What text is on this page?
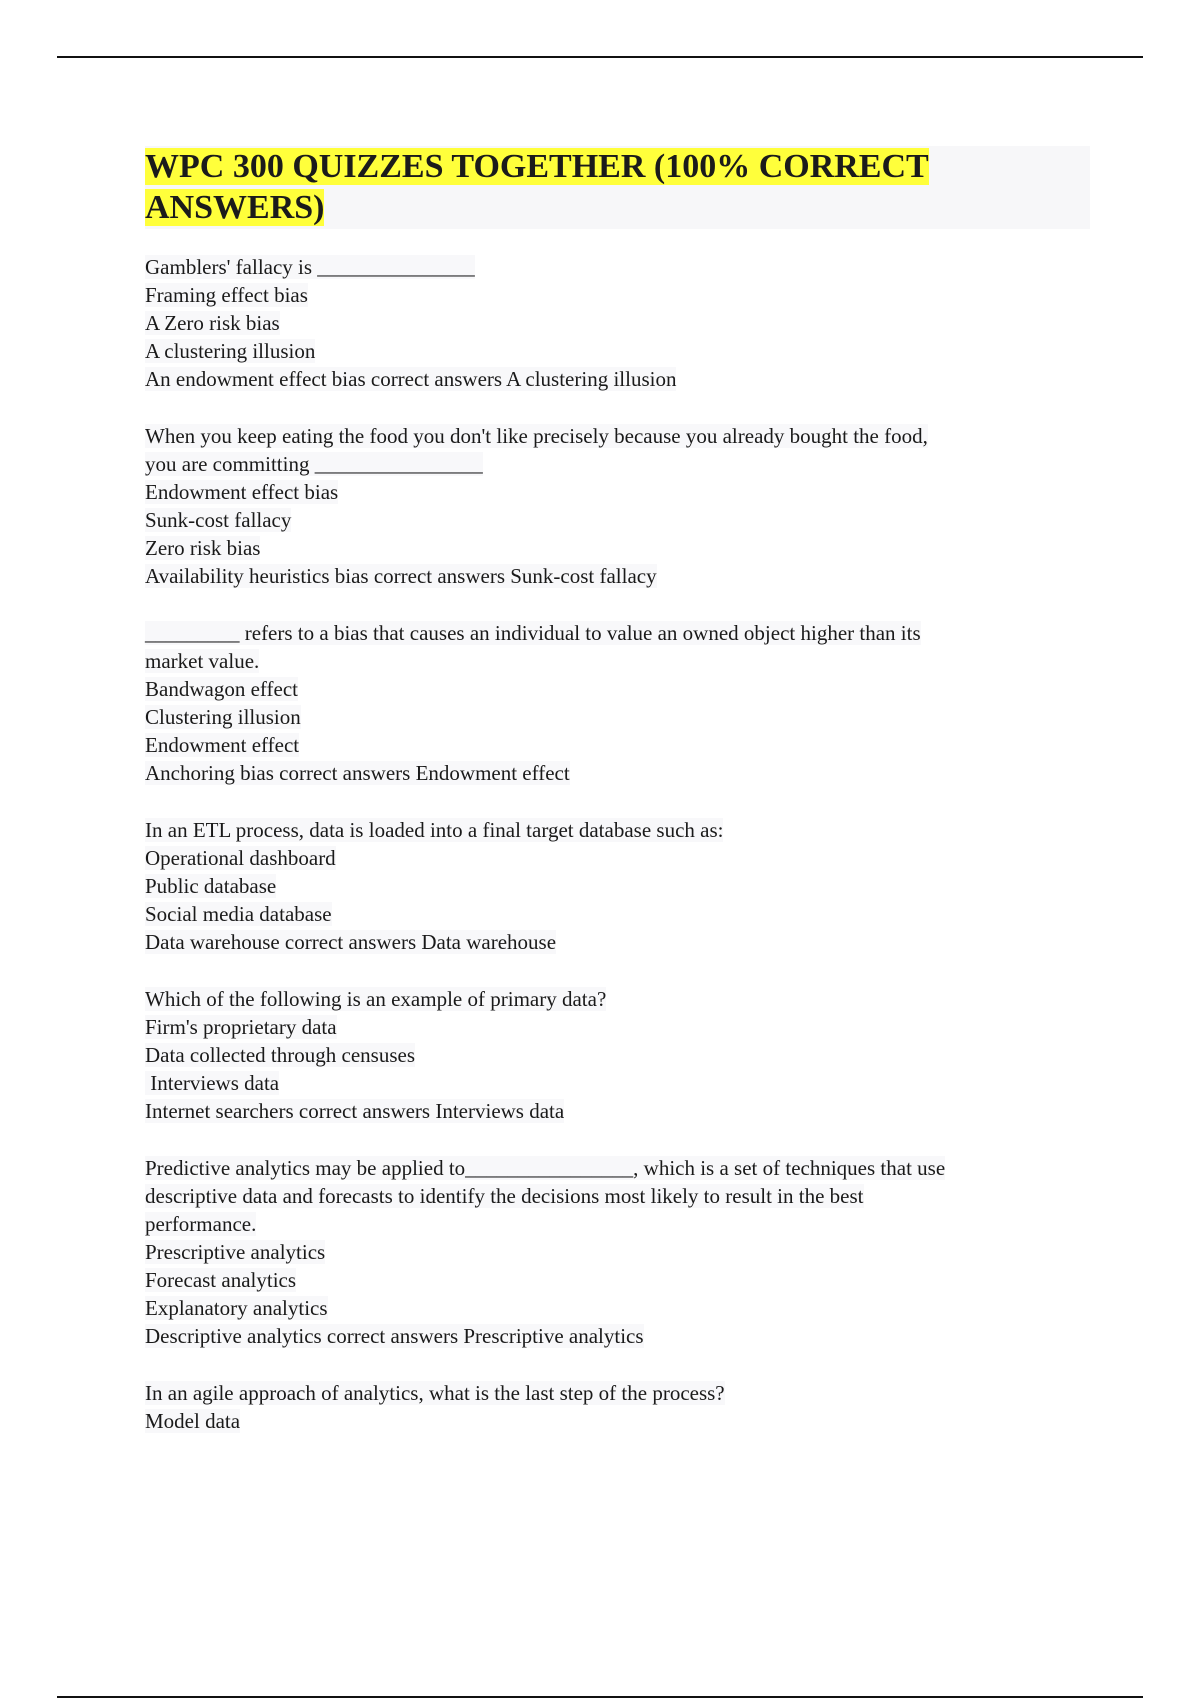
WPC 300 QUIZZES TOGETHER (100% CORRECT ANSWERS)
Gamblers' fallacy is _______________
Framing effect bias
A Zero risk bias
A clustering illusion
An endowment effect bias correct answers A clustering illusion
When you keep eating the food you don't like precisely because you already bought the food,
you are committing ________________
Endowment effect bias
Sunk-cost fallacy
Zero risk bias
Availability heuristics bias correct answers Sunk-cost fallacy
_________ refers to a bias that causes an individual to value an owned object higher than its
market value.
Bandwagon effect
Clustering illusion
Endowment effect
Anchoring bias correct answers Endowment effect
In an ETL process, data is loaded into a final target database such as:
Operational dashboard
Public database
Social media database
Data warehouse correct answers Data warehouse
Which of the following is an example of primary data?
Firm's proprietary data
Data collected through censuses
Interviews data
Internet searchers correct answers Interviews data
Predictive analytics may be applied to________________, which is a set of techniques that use
descriptive data and forecasts to identify the decisions most likely to result in the best
performance.
Prescriptive analytics
Forecast analytics
Explanatory analytics
Descriptive analytics correct answers Prescriptive analytics
In an agile approach of analytics, what is the last step of the process?
Model data
